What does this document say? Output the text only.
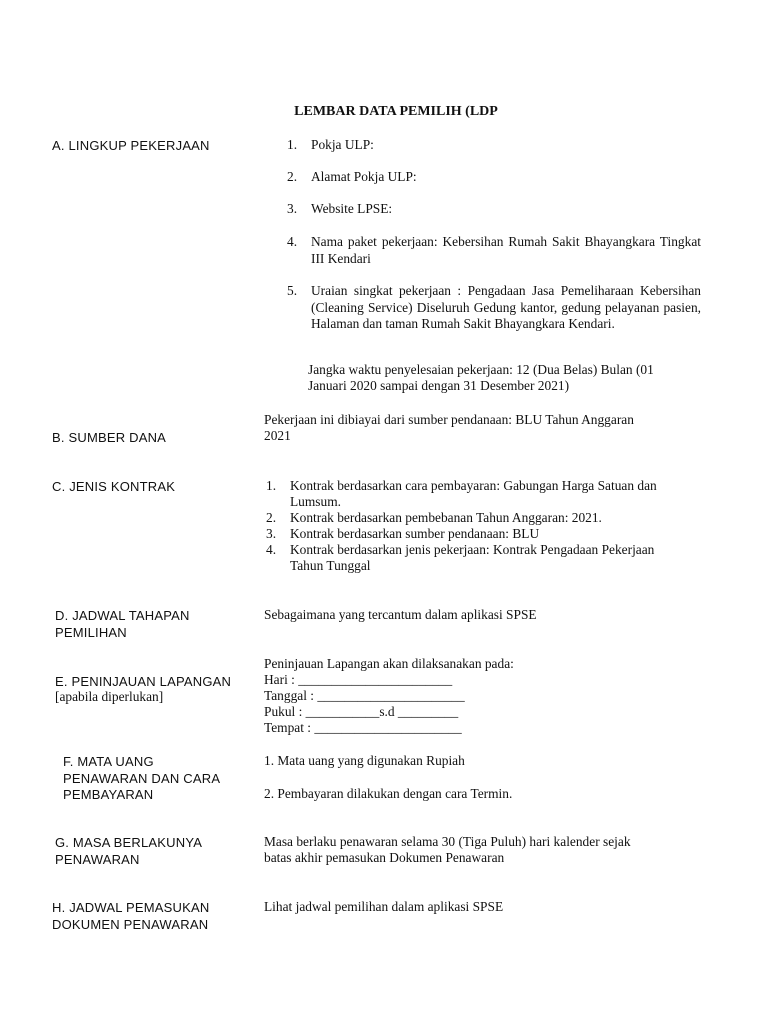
LEMBAR DATA PEMILIH (LDP
A. LINGKUP PEKERJAAN	1. Pokja ULP:
2. Alamat Pokja ULP:
3. Website LPSE:
4. Nama paket pekerjaan: Kebersihan Rumah Sakit Bhayangkara Tingkat III Kendari
5. Uraian singkat pekerjaan : Pengadaan Jasa Pemeliharaan Kebersihan (Cleaning Service) Diseluruh Gedung kantor, gedung pelayanan pasien, Halaman dan taman Rumah Sakit Bhayangkara Kendari.
Jangka waktu penyelesaian pekerjaan: 12 (Dua Belas) Bulan (01
Januari 2020 sampai dengan 31 Desember 2021)
B. SUMBER DANA
Pekerjaan ini dibiayai dari sumber pendanaan: BLU Tahun Anggaran
2021
C. JENIS KONTRAK	1. Kontrak berdasarkan cara pembayaran: Gabungan Harga Satuan dan
Lumsum.
2. Kontrak berdasarkan pembebanan Tahun Anggaran: 2021.
3. Kontrak berdasarkan sumber pendanaan: BLU
4. Kontrak berdasarkan jenis pekerjaan: Kontrak Pengadaan Pekerjaan
Tahun Tunggal
D. JADWAL TAHAPAN
PEMILIHAN
Sebagaimana yang tercantum dalam aplikasi SPSE
E. PENINJAUAN LAPANGAN
[apabila diperlukan]
Peninjauan Lapangan akan dilaksanakan pada:
Hari : _______________________
Tanggal : ______________________
Pukul : ___________s.d _________
Tempat : ______________________
F. MATA UANG
PENAWARAN DAN CARA
PEMBAYARAN
1. Mata uang yang digunakan Rupiah
2. Pembayaran dilakukan dengan cara Termin.
G. MASA BERLAKUNYA
PENAWARAN
Masa berlaku penawaran selama 30 (Tiga Puluh) hari kalender sejak
batas akhir pemasukan Dokumen Penawaran
H. JADWAL PEMASUKAN
DOKUMEN PENAWARAN
Lihat jadwal pemilihan dalam aplikasi SPSE
